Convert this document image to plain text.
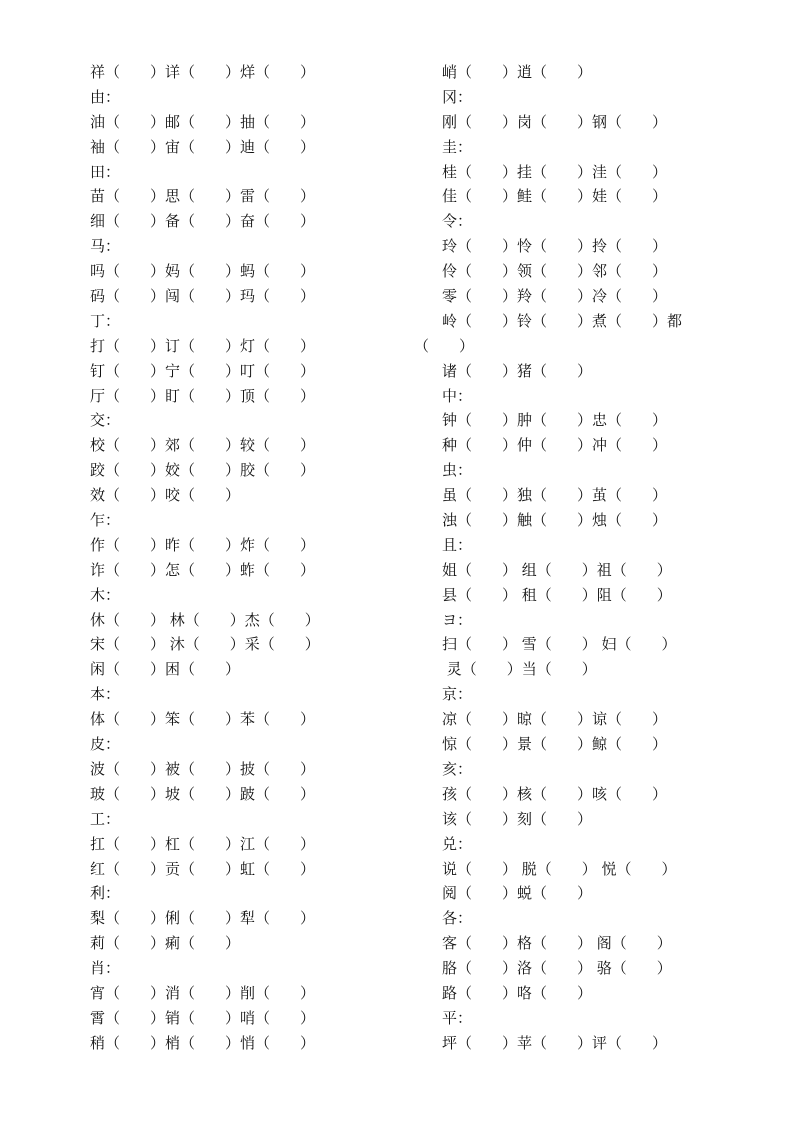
祥（　　）详（　　）烊（　　）
由：
油（　　）邮（　　）抽（　　）
袖（　　）宙（　　）迪（　　）
田：
苗（　　）思（　　）雷（　　）
细（　　）备（　　）奋（　　）
马：
吗（　　）妈（　　）蚂（　　）
码（　　）闯（　　）玛（　　）
丁：
打（　　）订（　　）灯（　　）
钉（　　）宁（　　）叮（　　）
厅（　　）盯（　　）顶（　　）
交：
校（　　）郊（　　）较（　　）
跤（　　）姣（　　）胶（　　）
效（　　）咬（　　）
乍：
作（　　）昨（　　）炸（　　）
诈（　　）怎（　　）蚱（　　）
木：
休（　　） 林（　　）杰（　　）
宋（　　） 沐（　　）采（　　）
闲（　　）困（　　）
本：
体（　　）笨（　　）苯（　　）
皮：
波（　　）被（　　）披（　　）
玻（　　）坡（　　）跛（　　）
工：
扛（　　）杠（　　）江（　　）
红（　　）贡（　　）虹（　　）
利：
梨（　　）俐（　　）犁（　　）
莉（　　）痢（　　）
肖：
宵（　　）消（　　）削（　　）
霄（　　）销（　　）哨（　　）
稍（　　）梢（　　）悄（　　）
峭（　　）逍（　　）
冈：
刚（　　）岗（　　）钢（　　）
圭：
桂（　　）挂（　　）洼（　　）
佳（　　）鲑（　　）娃（　　）
令：
玲（　　）怜（　　）拎（　　）
伶（　　）领（　　）邻（　　）
零（　　）羚（　　）冷（　　）
岭（　　）铃（　　）煮（　　）都
（　　）
诸（　　）猪（　　）
中：
钟（　　）肿（　　）忠（　　）
种（　　）仲（　　）冲（　　）
虫：
虽（　　）独（　　）茧（　　）
浊（　　）触（　　）烛（　　）
且：
姐（　　） 组（　　）祖（　　）
县（　　） 租（　　）阻（　　）
ヨ：
扫（　　） 雪（　　） 妇（　　）
灵（　　）当（　　）
京：
凉（　　）晾（　　）谅（　　）
惊（　　）景（　　）鲸（　　）
亥：
孩（　　）核（　　）咳（　　）
该（　　）刻（　　）
兑：
说（　　） 脱（　　） 悦（　　）
阅（　　）蜕（　　）
各：
客（　　）格（　　） 阁（　　）
胳（　　）洛（　　） 骆（　　）
路（　　）咯（　　）
平：
坪（　　）苹（　　）评（　　）
